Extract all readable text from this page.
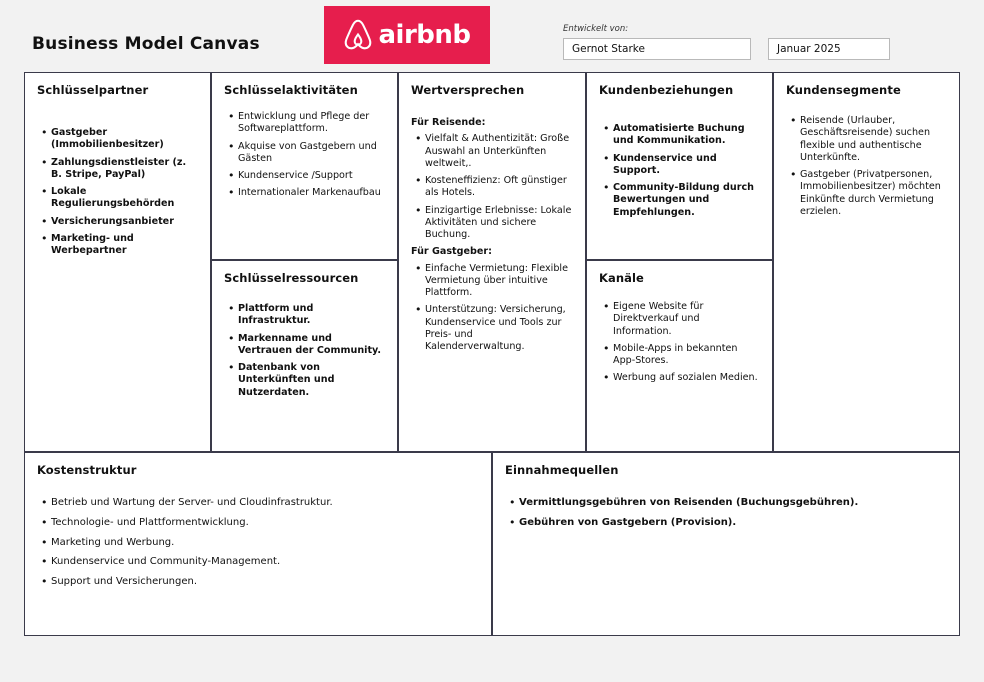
Business Model Canvas	airbnb	Entwickelt von:
Gernot Starke	Januar 2025
Schlüsselpartner
• Gastgeber (Immobilienbesitzer)
• Zahlungsdienstleister (z. B. Stripe, PayPal)
• Lokale Regulierungsbehörden
• Versicherungsanbieter
• Marketing- und Werbepartner
Schlüsselaktivitäten
• Entwicklung und Pflege der Softwareplattform.
• Akquise von Gastgebern und Gästen
• Kundenservice /Support
• Internationaler Markenaufbau
Schlüsselressourcen
• Plattform und Infrastruktur.
• Markenname und Vertrauen der Community.
• Datenbank von Unterkünften und Nutzerdaten.
Wertversprechen

Für Reisende:

• Vielfalt & Authentizität: Große Auswahl an Unterkünften weltweit,.
• Kosteneffizienz: Oft günstiger als Hotels.
• Einzigartige Erlebnisse: Lokale Aktivitäten und sichere Buchung.

Für Gastgeber:

• Einfache Vermietung: Flexible Vermietung über intuitive Plattform.
• Unterstützung: Versicherung, Kundenservice und Tools zur Preis- und Kalenderverwaltung.
Kundenbeziehungen
• Automatisierte Buchung und Kommunikation.
• Kundenservice und Support.
• Community-Bildung durch Bewertungen und Empfehlungen.
Kanäle
• Eigene Website für Direktverkauf und Information.
• Mobile-Apps in bekannten App-Stores.
• Werbung auf sozialen Medien.
Kundensegmente
• Reisende (Urlauber, Geschäftsreisende) suchen flexible und authentische Unterkünfte.
• Gastgeber (Privatpersonen, Immobilienbesitzer) möchten Einkünfte durch Vermietung erzielen.
Kostenstruktur
• Betrieb und Wartung der Server- und Cloudinfrastruktur.
• Technologie- und Plattformentwicklung.
• Marketing und Werbung.
• Kundenservice und Community-Management.
• Support und Versicherungen.
Einnahmequellen
• Vermittlungsgebühren von Reisenden (Buchungsgebühren).
• Gebühren von Gastgebern (Provision).
